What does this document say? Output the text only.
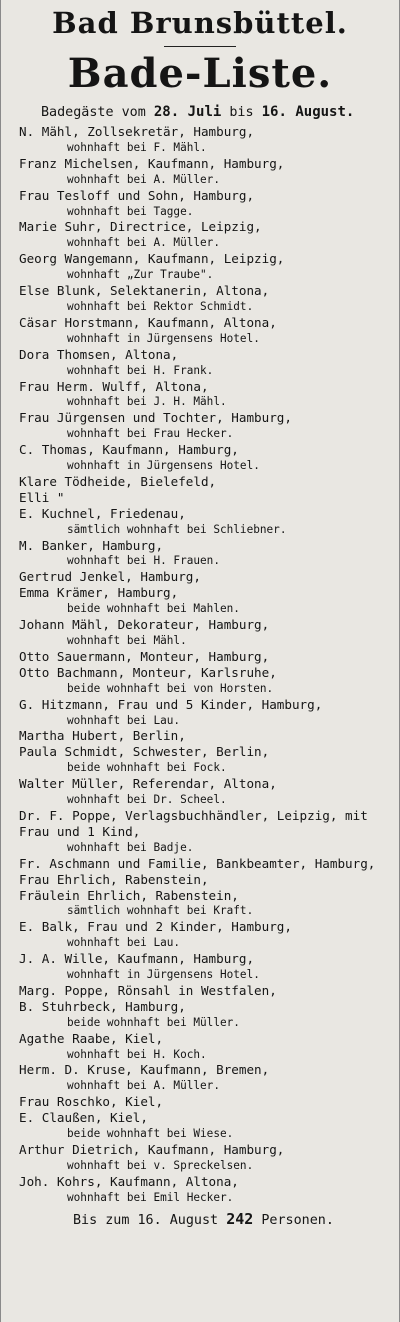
Bad Brunsbüttel.
Bade-Liste.
Badegäste vom 28. Juli bis 16. August.
N. Mähl, Zollsekretär, Hamburg,
wohnhaft bei F. Mähl.
Franz Michelsen, Kaufmann, Hamburg,
wohnhaft bei A. Müller.
Frau Tesloff und Sohn, Hamburg,
wohnhaft bei Tagge.
Marie Suhr, Directrice, Leipzig,
wohnhaft bei A. Müller.
Georg Wangemann, Kaufmann, Leipzig,
wohnhaft „Zur Traube".
Else Blunk, Selektanerin, Altona,
wohnhaft bei Rektor Schmidt.
Cäsar Horstmann, Kaufmann, Altona,
wohnhaft in Jürgensens Hotel.
Dora Thomsen, Altona,
wohnhaft bei H. Frank.
Frau Herm. Wulff, Altona,
wohnhaft bei J. H. Mähl.
Frau Jürgensen und Tochter, Hamburg,
wohnhaft bei Frau Hecker.
C. Thomas, Kaufmann, Hamburg,
wohnhaft in Jürgensens Hotel.
Klare Tödheide, Bielefeld,
Elli "
E. Kuchnel, Friedenau,
sämtlich wohnhaft bei Schliebner.
M. Banker, Hamburg,
wohnhaft bei H. Frauen.
Gertrud Jenkel, Hamburg,
Emma Krämer, Hamburg,
beide wohnhaft bei Mahlen.
Johann Mähl, Dekorateur, Hamburg,
wohnhaft bei Mähl.
Otto Sauermann, Monteur, Hamburg,
Otto Bachmann, Monteur, Karlsruhe,
beide wohnhaft bei von Horsten.
G. Hitzmann, Frau und 5 Kinder, Hamburg,
wohnhaft bei Lau.
Martha Hubert, Berlin,
Paula Schmidt, Schwester, Berlin,
beide wohnhaft bei Fock.
Walter Müller, Referendar, Altona,
wohnhaft bei Dr. Scheel.
Dr. F. Poppe, Verlagsbuchhändler, Leipzig, mit
Frau und 1 Kind,
wohnhaft bei Badje.
Fr. Aschmann und Familie, Bankbeamter, Hamburg,
Frau Ehrlich, Rabenstein,
Fräulein Ehrlich, Rabenstein,
sämtlich wohnhaft bei Kraft.
E. Balk, Frau und 2 Kinder, Hamburg,
wohnhaft bei Lau.
J. A. Wille, Kaufmann, Hamburg,
wohnhaft in Jürgensens Hotel.
Marg. Poppe, Rönsahl in Westfalen,
B. Stuhrbeck, Hamburg,
beide wohnhaft bei Müller.
Agathe Raabe, Kiel,
wohnhaft bei H. Koch.
Herm. D. Kruse, Kaufmann, Bremen,
wohnhaft bei A. Müller.
Frau Roschko, Kiel,
E. Claußen, Kiel,
beide wohnhaft bei Wiese.
Arthur Dietrich, Kaufmann, Hamburg,
wohnhaft bei v. Spreckelsen.
Joh. Kohrs, Kaufmann, Altona,
wohnhaft bei Emil Hecker.
Bis zum 16. August 242 Personen.
